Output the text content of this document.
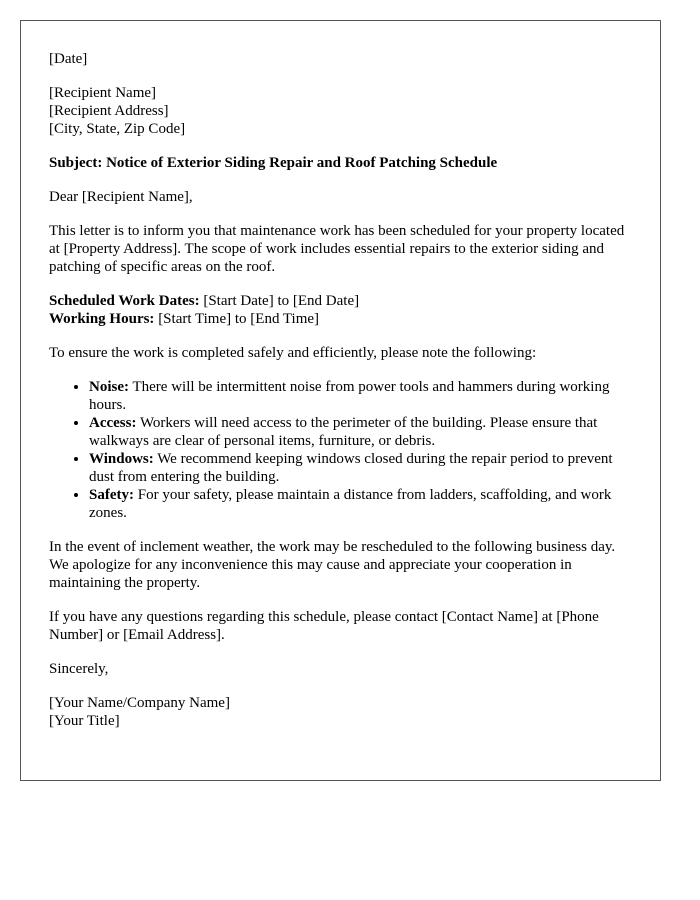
[Date]

[Recipient Name]
[Recipient Address]
[City, State, Zip Code]

Subject: Notice of Exterior Siding Repair and Roof Patching Schedule

Dear [Recipient Name],

This letter is to inform you that maintenance work has been scheduled for your property located at [Property Address]. The scope of work includes essential repairs to the exterior siding and patching of specific areas on the roof.

Scheduled Work Dates: [Start Date] to [End Date]
Working Hours: [Start Time] to [End Time]

To ensure the work is completed safely and efficiently, please note the following:

• Noise: There will be intermittent noise from power tools and hammers during working hours.
• Access: Workers will need access to the perimeter of the building. Please ensure that walkways are clear of personal items, furniture, or debris.
• Windows: We recommend keeping windows closed during the repair period to prevent dust from entering the building.
• Safety: For your safety, please maintain a distance from ladders, scaffolding, and work zones.

In the event of inclement weather, the work may be rescheduled to the following business day. We apologize for any inconvenience this may cause and appreciate your cooperation in maintaining the property.

If you have any questions regarding this schedule, please contact [Contact Name] at [Phone Number] or [Email Address].

Sincerely,

[Your Name/Company Name]
[Your Title]
